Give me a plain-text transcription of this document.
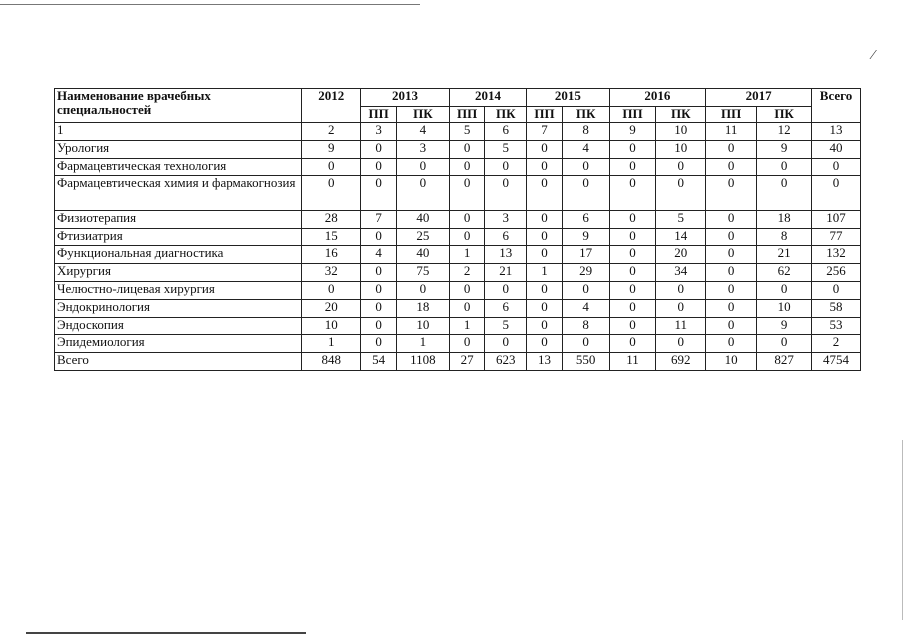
⁄
Наименование врачебных специальностей	2012	2013		2014		2015		2016		2017		Всего
		ПП	ПК	ПП	ПК	ПП	ПК	ПП	ПК	ПП	ПК	
1	2	3	4	5	6	7	8	9	10	11	12	13
Урология	9	0	3	0	5	0	4	0	10	0	9	40
Фармацевтическая технология	0	0	0	0	0	0	0	0	0	0	0	0
Фармацевтическая химия и фармакогнозия	0	0	0	0	0	0	0	0	0	0	0	0
Физиотерапия	28	7	40	0	3	0	6	0	5	0	18	107
Фтизиатрия	15	0	25	0	6	0	9	0	14	0	8	77
Функциональная диагностика	16	4	40	1	13	0	17	0	20	0	21	132
Хирургия	32	0	75	2	21	1	29	0	34	0	62	256
Челюстно-лицевая хирургия	0	0	0	0	0	0	0	0	0	0	0	0
Эндокринология	20	0	18	0	6	0	4	0	0	0	10	58
Эндоскопия	10	0	10	1	5	0	8	0	11	0	9	53
Эпидемиология	1	0	1	0	0	0	0	0	0	0	0	2
Всего	848	54	1108	27	623	13	550	11	692	10	827	4754
